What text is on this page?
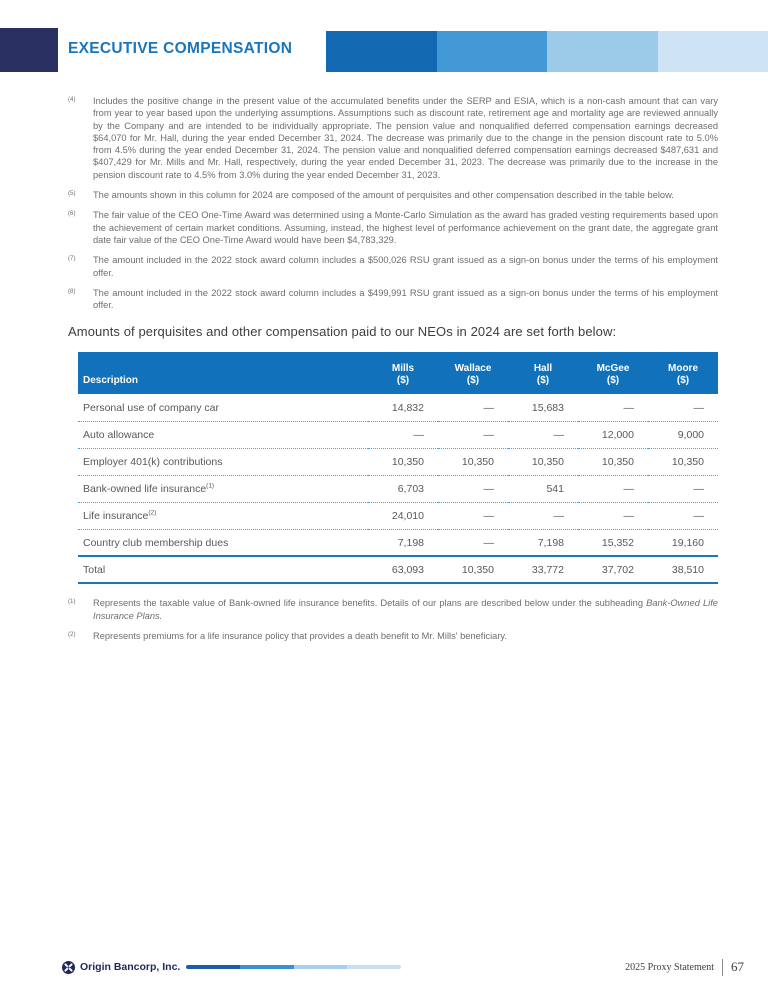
EXECUTIVE COMPENSATION
(4) Includes the positive change in the present value of the accumulated benefits under the SERP and ESIA, which is a non-cash amount that can vary from year to year based upon the underlying assumptions. Assumptions such as discount rate, retirement age and mortality age are reviewed annually by the Company and are intended to be individually appropriate. The pension value and nonqualified deferred compensation earnings decreased $64,070 for Mr. Hall, during the year ended December 31, 2024. The decrease was primarily due to the change in the pension discount rate to 5.0% from 4.5% during the year ended December 31, 2024. The pension value and nonqualified deferred compensation earnings decreased $487,631 and $407,429 for Mr. Mills and Mr. Hall, respectively, during the year ended December 31, 2023. The decrease was primarily due to the increase in the pension discount rate to 4.5% from 3.0% during the year ended December 31, 2023.
(5) The amounts shown in this column for 2024 are composed of the amount of perquisites and other compensation described in the table below.
(6) The fair value of the CEO One-Time Award was determined using a Monte-Carlo Simulation as the award has graded vesting requirements based upon the achievement of certain market conditions. Assuming, instead, the highest level of performance achievement on the grant date, the aggregate grant date fair value of the CEO One-Time Award would have been $4,783,329.
(7) The amount included in the 2022 stock award column includes a $500,026 RSU grant issued as a sign-on bonus under the terms of his employment offer.
(8) The amount included in the 2022 stock award column includes a $499,991 RSU grant issued as a sign-on bonus under the terms of his employment offer.

Amounts of perquisites and other compensation paid to our NEOs in 2024 are set forth below:

Description	
Mills
($)

Wallace
($)

Hall
($)

McGee
($)

Moore
($)

Personal use of company car	14,832	—	15,683	—	—
Auto allowance	—	—	—	12,000	9,000
Employer 401(k) contributions	10,350	10,350	10,350	10,350	10,350
Bank-owned life insurance$^{(1)}$	6,703	—	541	—	—
Life insurance$^{(2)}$	24,010	—	—	—	—
Country club membership dues	7,198	—	7,198	15,352	19,160
Total	63,093	10,350	33,772	37,702	38,510
(1) Represents the taxable value of Bank-owned life insurance benefits. Details of our plans are described below under the subheading Bank-Owned Life Insurance Plans.
(2) Represents premiums for a life insurance policy that provides a death benefit to Mr. Mills' beneficiary.
Origin Bancorp, Inc.	2025 Proxy Statement 67
